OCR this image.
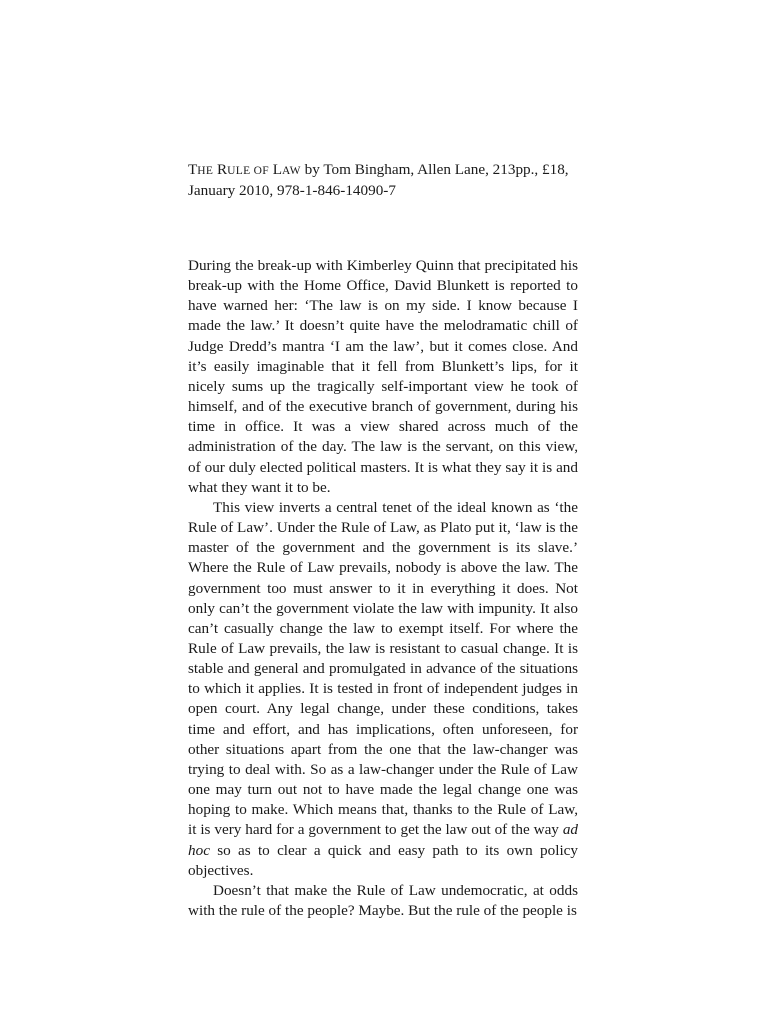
THE RULE OF LAW by Tom Bingham, Allen Lane, 213pp., £18, January 2010, 978-1-846-14090-7

During the break-up with Kimberley Quinn that precipitated his break-up with the Home Office, David Blunkett is reported to have warned her: ‘The law is on my side. I know because I made the law.’ It doesn’t quite have the melodramatic chill of Judge Dredd’s mantra ‘I am the law’, but it comes close. And it’s easily imaginable that it fell from Blunkett’s lips, for it nicely sums up the tragically self-important view he took of himself, and of the executive branch of government, during his time in office. It was a view shared across much of the administration of the day. The law is the servant, on this view, of our duly elected political masters. It is what they say it is and what they want it to be.

This view inverts a central tenet of the ideal known as ‘the Rule of Law’. Under the Rule of Law, as Plato put it, ‘law is the master of the government and the government is its slave.’ Where the Rule of Law prevails, nobody is above the law. The government too must answer to it in everything it does. Not only can’t the government violate the law with impunity. It also can’t casually change the law to exempt itself. For where the Rule of Law prevails, the law is resistant to casual change. It is stable and general and promulgated in advance of the situations to which it applies. It is tested in front of independent judges in open court. Any legal change, under these conditions, takes time and effort, and has implications, often unforeseen, for other situations apart from the one that the law-changer was trying to deal with. So as a law-changer under the Rule of Law one may turn out not to have made the legal change one was hoping to make. Which means that, thanks to the Rule of Law, it is very hard for a government to get the law out of the way ad hoc so as to clear a quick and easy path to its own policy objectives.

Doesn’t that make the Rule of Law undemocratic, at odds with the rule of the people? Maybe. But the rule of the people is
